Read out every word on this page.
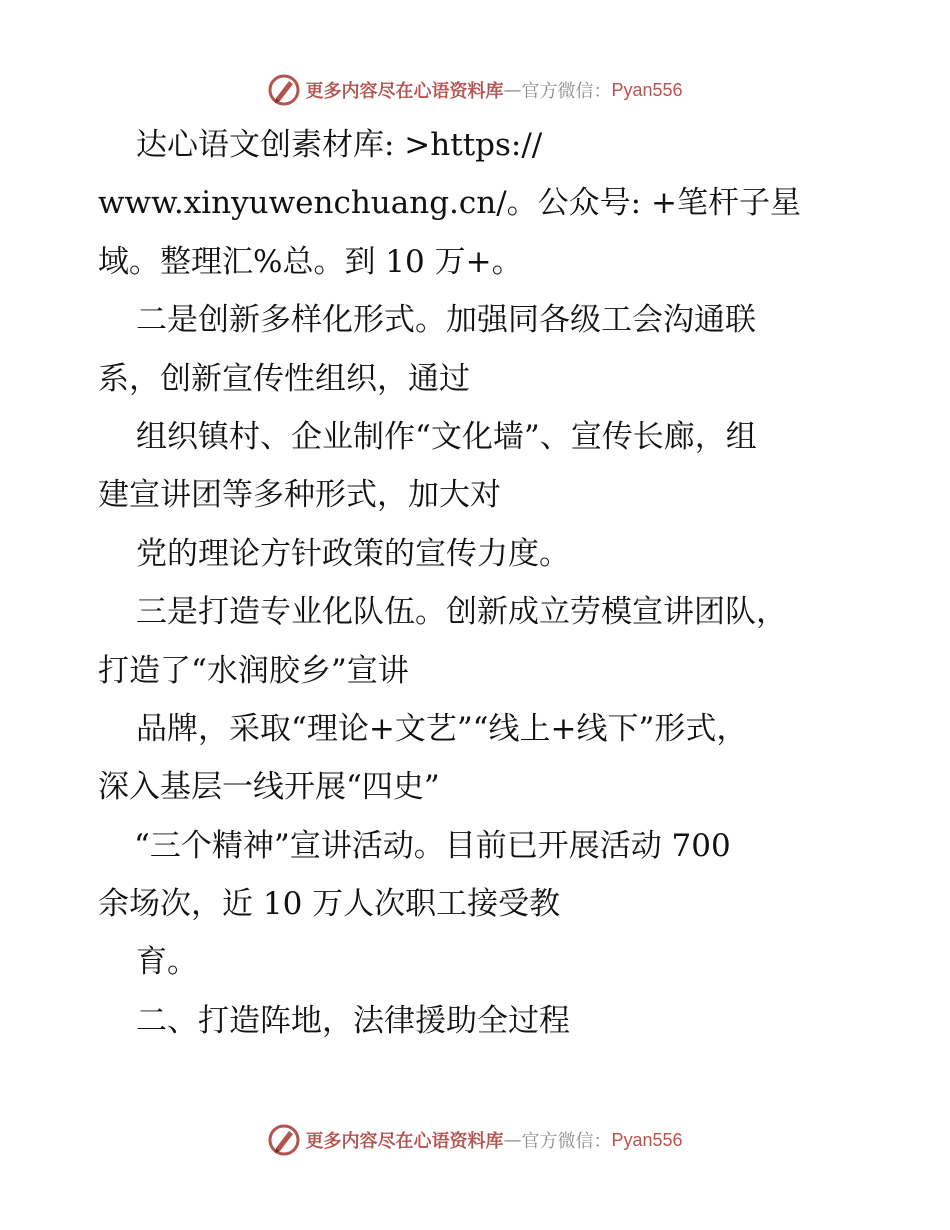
更多内容尽在心语资料库 — 官方微信： Pyan556
达心语文创素材库: >https://
www.xinyuwenchuang.cn/。公众号: +笔杆子星
域。整理汇%总。到 10 万+。
二是创新多样化形式。加强同各级工会沟通联
系，创新宣传性组织，通过
组织镇村、企业制作“文化墙”、宣传长廊，组
建宣讲团等多种形式，加大对
党的理论方针政策的宣传力度。
三是打造专业化队伍。创新成立劳模宣讲团队，
打造了“水润胶乡”宣讲
品牌，采取“理论+文艺”“线上+线下”形式，
深入基层一线开展“四史”
“三个精神”宣讲活动。目前已开展活动 700
余场次，近 10 万人次职工接受教
育。
二、打造阵地，法律援助全过程
更多内容尽在心语资料库 — 官方微信： Pyan556
